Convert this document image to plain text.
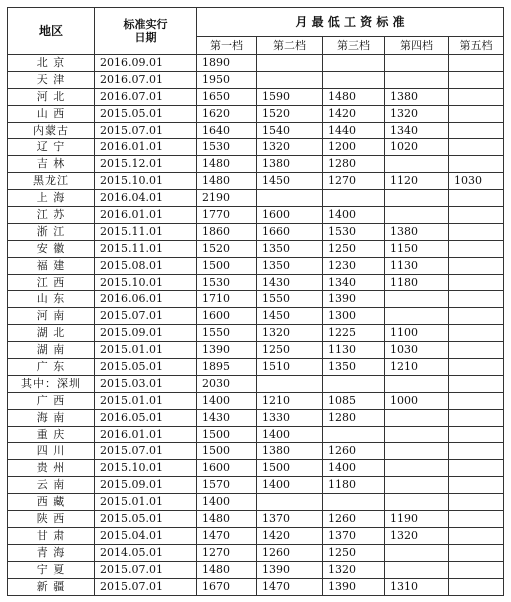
地区	标准实行
日期	月 最 低 工 资 标 准				
		第一档	第二档	第三档	第四档	第五档
北 京	2016.09.01	1890				
天 津	2016.07.01	1950				
河 北	2016.07.01	1650	1590	1480	1380	
山 西	2015.05.01	1620	1520	1420	1320	
内蒙古	2015.07.01	1640	1540	1440	1340	
辽 宁	2016.01.01	1530	1320	1200	1020	
吉 林	2015.12.01	1480	1380	1280		
黑龙江	2015.10.01	1480	1450	1270	1120	1030
上 海	2016.04.01	2190				
江 苏	2016.01.01	1770	1600	1400		
浙 江	2015.11.01	1860	1660	1530	1380	
安 徽	2015.11.01	1520	1350	1250	1150	
福 建	2015.08.01	1500	1350	1230	1130	
江 西	2015.10.01	1530	1430	1340	1180	
山 东	2016.06.01	1710	1550	1390		
河 南	2015.07.01	1600	1450	1300		
湖 北	2015.09.01	1550	1320	1225	1100	
湖 南	2015.01.01	1390	1250	1130	1030	
广 东	2015.05.01	1895	1510	1350	1210	
其中：深圳	2015.03.01	2030				
广 西	2015.01.01	1400	1210	1085	1000	
海 南	2016.05.01	1430	1330	1280		
重 庆	2016.01.01	1500	1400			
四 川	2015.07.01	1500	1380	1260		
贵 州	2015.10.01	1600	1500	1400		
云 南	2015.09.01	1570	1400	1180		
西 藏	2015.01.01	1400				
陕 西	2015.05.01	1480	1370	1260	1190	
甘 肃	2015.04.01	1470	1420	1370	1320	
青 海	2014.05.01	1270	1260	1250		
宁 夏	2015.07.01	1480	1390	1320		
新 疆	2015.07.01	1670	1470	1390	1310	
